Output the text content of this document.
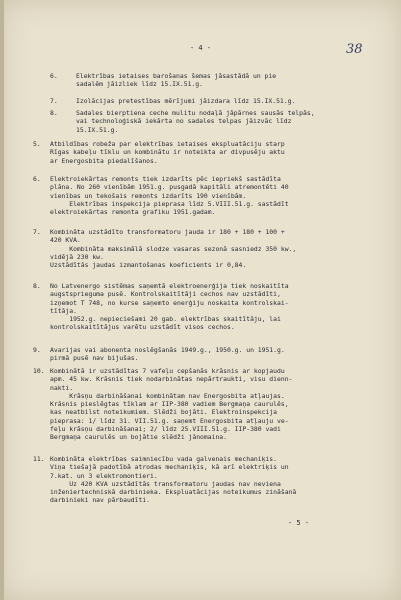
- 4 -	38
6.	Elektrības ietaises barošanas šemas jāsastādā un pie
sadalēm jāizliek līdz 15.IX.51.g.
7.	Izolācijas pretestības mērījumi jāizdara līdz 15.IX.51.g.
8.	Sadales bierptiena ceche mulitu nodaļā jāpārnes sausās telpās,
vai technoloģiskā iekārta no sadales telpas jāizvāc līdz
15.IX.51.g.
5. Atbildības robeža par elektrības ietaises ekspluatāciju starp
Rīgas kabeļu tīklu un kombinātu ir noteikta ar divpusēju aktu
ar Energosbita piedalīšanos.
6. Elektroiekārtas remonts tiek izdarīts pēc iepriekš sastādīta
plāna. No 260 vienībām 1951.g. pusgadā kapitāli atremontēti 40
vienības un tekošais remonts izdarīts 190 vienībām.
Elektrības inspekcija pieprasa līdz 5.VIII.51.g. sastādīt
elektroiekārtas remonta grafiku 1951.gadam.
7. Kombināta uzstādīto transformatoru jauda ir 180 + 180 + 100 +
420 KVA.
Kombināta maksimālā slodze vasaras sezonā sasniedz 350 kw.,
vidējā 230 kw.
Uzstādītās jaudas izmantošanas koeficients ir 0,84.
8. No Latvenergo sistēmas saņemtā elektroenerģija tiek noskaitīta
augstsprieguma pusē. Kontrolskaitītāji cechos nav uzstādīti,
izņemot T 748, no kurse saņemto enerģiju noskaita kontrolskai-
tītāja.
1952.g. nepieciešami 20 gab. elektrības skaitītāju, lai
kontrolskaitītājus varētu uzstādīt visos cechos.
9. Avarijas vai abonenta noslēgšanās 1949.g., 1950.g. un 1951.g.
pirmā pusē nav bijušas.
10. Kombinātā ir uzstādītas 7 vafeļu cepšanās krāsnis ar kopjaudu
apm. 45 kw. Krāsnis tiek nodarbinātas nepārtraukti, visu dienn-
nakti.
Krāsņu darbināšanai kombinātam nav Energosbita atļaujas.
Krāsnis pieslēgtas tīklam ar IIP-380 vadiem Bergmaņa caurulēs,
kas neatbilst noteikumiem. Slēdži bojāti. Elektroinspekcija
pieprasa: 1/ līdz 31. VII.51.g. saņemt Energosbita atļauju ve-
feļu krāsņu darbināšanai; 2/ līdz 25.VIII.51.g. IIP-380 vadi
Bergmaņa caurulēs un bojātie slēdži jānomaina.
11. Kombināta elektrības saimniecību vada galvenais mechaniķis.
Viņa tiešajā padotībā atrodas mechaniķis, kā arī elektriķis un
7.kat. un 3 elektromontieri.
Uz 420 KVA uzstādītās transformatoru jaudas nav neviena
inženiertechniskā darbinieka. Ekspluatācijas noteikumus zināšanā
darbinieki nav pārbaudīti.
- 5 -
